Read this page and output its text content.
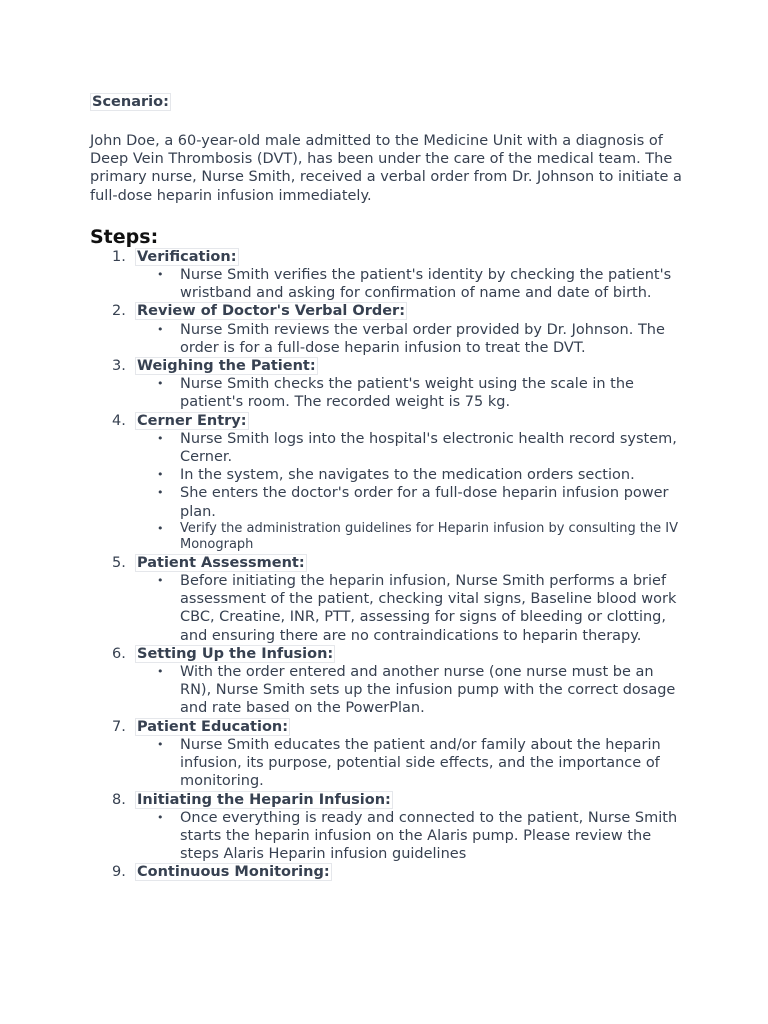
Scenario:

John Doe, a 60-year-old male admitted to the Medicine Unit with a diagnosis of Deep Vein Thrombosis (DVT), has been under the care of the medical team. The primary nurse, Nurse Smith, received a verbal order from Dr. Johnson to initiate a full-dose heparin infusion immediately.

Steps:
1. Verification:
• Nurse Smith verifies the patient's identity by checking the patient's wristband and asking for confirmation of name and date of birth.
2. Review of Doctor's Verbal Order:
• Nurse Smith reviews the verbal order provided by Dr. Johnson. The order is for a full-dose heparin infusion to treat the DVT.
3. Weighing the Patient:
• Nurse Smith checks the patient's weight using the scale in the patient's room. The recorded weight is 75 kg.
4. Cerner Entry:
• Nurse Smith logs into the hospital's electronic health record system, Cerner.
• In the system, she navigates to the medication orders section.
• She enters the doctor's order for a full-dose heparin infusion power plan.
• Verify the administration guidelines for Heparin infusion by consulting the IV Monograph
5. Patient Assessment:
• Before initiating the heparin infusion, Nurse Smith performs a brief assessment of the patient, checking vital signs, Baseline blood work CBC, Creatine, INR, PTT, assessing for signs of bleeding or clotting, and ensuring there are no contraindications to heparin therapy.
6. Setting Up the Infusion:
• With the order entered and another nurse (one nurse must be an RN), Nurse Smith sets up the infusion pump with the correct dosage and rate based on the PowerPlan.
7. Patient Education:
• Nurse Smith educates the patient and/or family about the heparin infusion, its purpose, potential side effects, and the importance of monitoring.
8. Initiating the Heparin Infusion:
• Once everything is ready and connected to the patient, Nurse Smith starts the heparin infusion on the Alaris pump. Please review the steps Alaris Heparin infusion guidelines
9. Continuous Monitoring:
